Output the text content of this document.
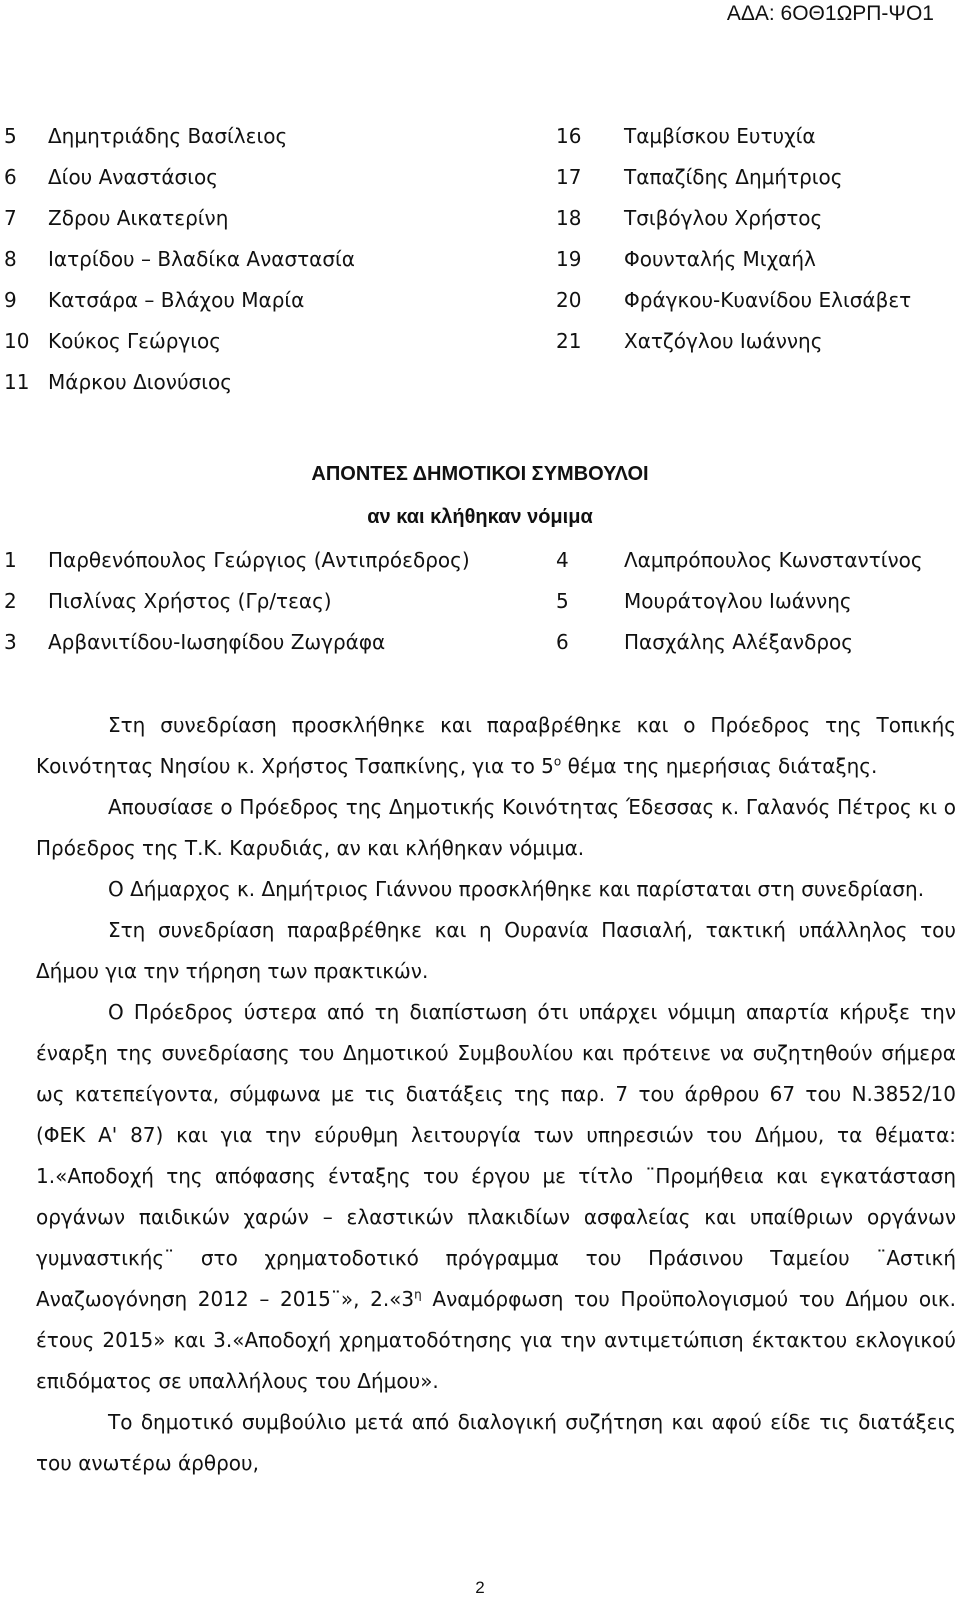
ΑΔΑ: 6ΟΘ1ΩΡΠ-ΨΟ1
5 Δημητριάδης Βασίλειος	16 Ταμβίσκου Ευτυχία
6 Δίου Αναστάσιος	17 Ταπαζίδης Δημήτριος
7 Ζδρου Αικατερίνη	18 Τσιβόγλου Χρήστος
8 Ιατρίδου – Βλαδίκα Αναστασία	19 Φουνταλής Μιχαήλ
9 Κατσάρα – Βλάχου Μαρία	20 Φράγκου-Κυανίδου Ελισάβετ
10 Κούκος Γεώργιος	21 Χατζόγλου Ιωάννης
11 Μάρκου Διονύσιος
ΑΠΟΝΤΕΣ ΔΗΜΟΤΙΚΟΙ ΣΥΜΒΟΥΛΟΙ
αν και κλήθηκαν νόμιμα
1 Παρθενόπουλος Γεώργιος (Αντιπρόεδρος)	4	Λαμπρόπουλος Κωνσταντίνος
2 Πισλίνας Χρήστος (Γρ/τεας)	5	Μουράτογλου Ιωάννης
3 Αρβανιτίδου-Ιωσηφίδου Ζωγράφα	6	Πασχάλης Αλέξανδρος

Στη συνεδρίαση προσκλήθηκε και παραβρέθηκε και ο Πρόεδρος της Τοπικής Κοινότητας Νησίου κ. Χρήστος Τσαπκίνης, για το $5^o$ θέμα της ημερήσιας διάταξης.

Απουσίασε ο Πρόεδρος της Δημοτικής Κοινότητας Έδεσσας κ. Γαλανός Πέτρος κι ο Πρόεδρος της Τ.Κ. Καρυδιάς, αν και κλήθηκαν νόμιμα.

Ο Δήμαρχος κ. Δημήτριος Γιάννου προσκλήθηκε και παρίσταται στη συνεδρίαση.

Στη συνεδρίαση παραβρέθηκε και η Ουρανία Πασιαλή, τακτική υπάλληλος του Δήμου για την τήρηση των πρακτικών.

Ο Πρόεδρος ύστερα από τη διαπίστωση ότι υπάρχει νόμιμη απαρτία κήρυξε την έναρξη της συνεδρίασης του Δημοτικού Συμβουλίου και πρότεινε να συζητηθούν σήμερα ως κατεπείγοντα, σύμφωνα με τις διατάξεις της παρ. 7 του άρθρου 67 του Ν.3852/10 (ΦΕΚ Α' 87) και για την εύρυθμη λειτουργία των υπηρεσιών του Δήμου, τα θέματα: 1.«Αποδοχή της απόφασης ένταξης του έργου με τίτλο ¨Προμήθεια και εγκατάσταση οργάνων παιδικών χαρών – ελαστικών πλακιδίων ασφαλείας και υπαίθριων οργάνων γυμναστικής¨ στο χρηματοδοτικό πρόγραμμα του Πράσινου Ταμείου ¨Αστική Αναζωογόνηση 2012 – 2015¨», $2.«3^\eta$ Αναμόρφωση του Προϋπολογισμού του Δήμου οικ. έτους 2015» και 3.«Αποδοχή χρηματοδότησης για την αντιμετώπιση έκτακτου εκλογικού επιδόματος σε υπαλλήλους του Δήμου».

Το δημοτικό συμβούλιο μετά από διαλογική συζήτηση και αφού είδε τις διατάξεις του ανωτέρω άρθρου,

2
